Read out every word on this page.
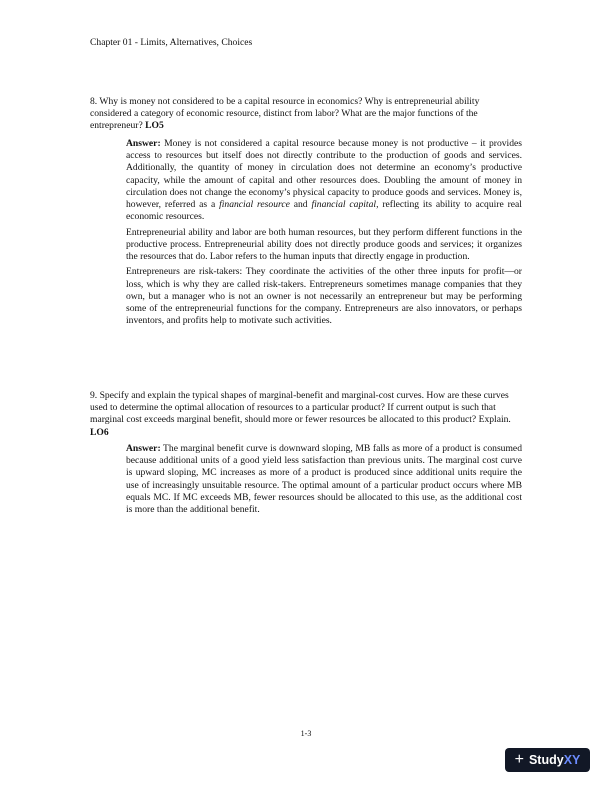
Chapter 01 - Limits, Alternatives, Choices
8. Why is money not considered to be a capital resource in economics? Why is entrepreneurial ability considered a category of economic resource, distinct from labor? What are the major functions of the entrepreneur? LO5

Answer: Money is not considered a capital resource because money is not productive – it provides access to resources but itself does not directly contribute to the production of goods and services. Additionally, the quantity of money in circulation does not determine an economy’s productive capacity, while the amount of capital and other resources does. Doubling the amount of money in circulation does not change the economy’s physical capacity to produce goods and services. Money is, however, referred as a financial resource and financial capital, reflecting its ability to acquire real economic resources.

Entrepreneurial ability and labor are both human resources, but they perform different functions in the productive process. Entrepreneurial ability does not directly produce goods and services; it organizes the resources that do. Labor refers to the human inputs that directly engage in production.

Entrepreneurs are risk-takers: They coordinate the activities of the other three inputs for profit—or loss, which is why they are called risk-takers. Entrepreneurs sometimes manage companies that they own, but a manager who is not an owner is not necessarily an entrepreneur but may be performing some of the entrepreneurial functions for the company. Entrepreneurs are also innovators, or perhaps inventors, and profits help to motivate such activities.

9. Specify and explain the typical shapes of marginal-benefit and marginal-cost curves. How are these curves used to determine the optimal allocation of resources to a particular product? If current output is such that marginal cost exceeds marginal benefit, should more or fewer resources be allocated to this product? Explain. LO6

Answer: The marginal benefit curve is downward sloping, MB falls as more of a product is consumed because additional units of a good yield less satisfaction than previous units. The marginal cost curve is upward sloping, MC increases as more of a product is produced since additional units require the use of increasingly unsuitable resource. The optimal amount of a particular product occurs where MB equals MC. If MC exceeds MB, fewer resources should be allocated to this use, as the additional cost is more than the additional benefit.

1-3
+ Study XY
